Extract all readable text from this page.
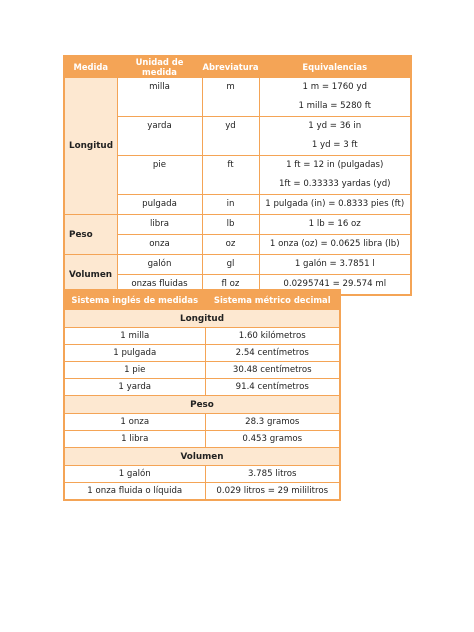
Medida	Unidad de medida	Abreviatura	Equivalencias
Longitud	milla	m	1 m = 1760 yd
1 milla = 5280 ft

	yarda	yd	1 yd = 36 in
1 yd = 3 ft

	pie	ft	1 ft = 12 in (pulgadas)
1ft = 0.33333 yardas (yd)

	pulgada	in	1 pulgada (in) = 0.8333 pies (ft)

Peso	libra	lb	1 lb = 16 oz

	onza	oz	1 onza (oz) = 0.0625 libra (lb)

Volumen	galón	gl	1 galón = 3.7851 l

	onzas fluidas	fl oz	0.0295741 = 29.574 ml
Sistema inglés de medidas	Sistema métrico decimal
Longitud	
1 milla	1.60 kilómetros
1 pulgada	2.54 centímetros
1 pie	30.48 centímetros
1 yarda	91.4 centímetros
Peso	
1 onza	28.3 gramos
1 libra	0.453 gramos
Volumen	
1 galón	3.785 litros
1 onza fluida o líquida	0.029 litros = 29 mililitros
